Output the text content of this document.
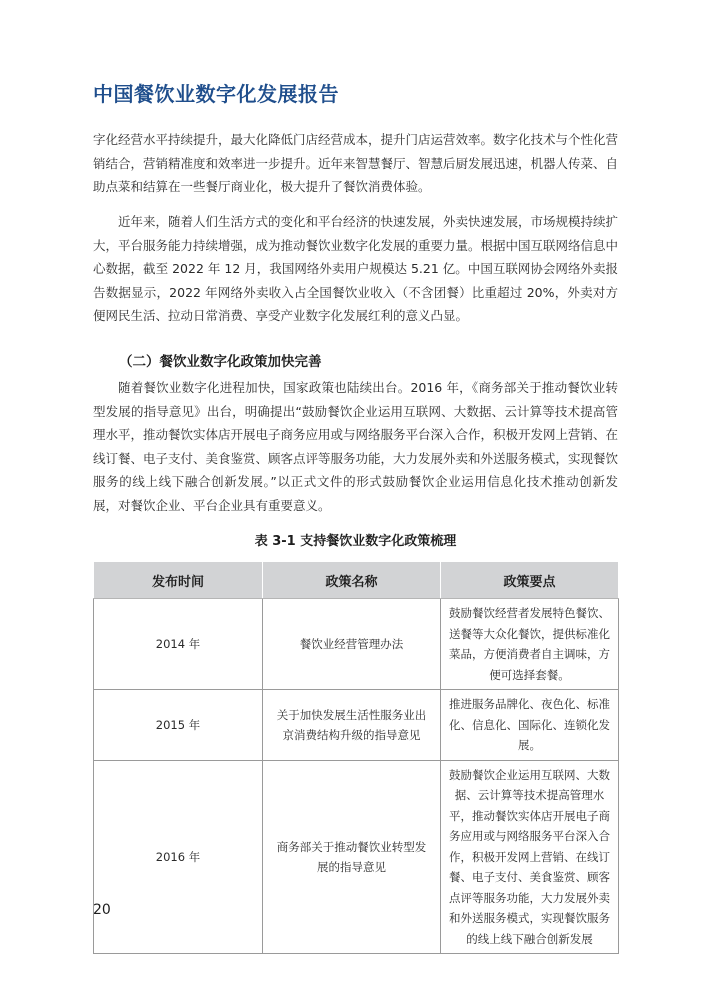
中国餐饮业数字化发展报告

字化经营水平持续提升，最大化降低门店经营成本，提升门店运营效率。数字化技术与个性化营销结合，营销精准度和效率进一步提升。近年来智慧餐厅、智慧后厨发展迅速，机器人传菜、自助点菜和结算在一些餐厅商业化，极大提升了餐饮消费体验。

近年来，随着人们生活方式的变化和平台经济的快速发展，外卖快速发展，市场规模持续扩大，平台服务能力持续增强，成为推动餐饮业数字化发展的重要力量。根据中国互联网络信息中心数据，截至 2022 年 12 月，我国网络外卖用户规模达 5.21 亿。中国互联网协会网络外卖报告数据显示，2022 年网络外卖收入占全国餐饮业收入（不含团餐）比重超过 20%，外卖对方便网民生活、拉动日常消费、享受产业数字化发展红利的意义凸显。

（二）餐饮业数字化政策加快完善

随着餐饮业数字化进程加快，国家政策也陆续出台。2016 年，《商务部关于推动餐饮业转型发展的指导意见》出台，明确提出“鼓励餐饮企业运用互联网、大数据、云计算等技术提高管理水平，推动餐饮实体店开展电子商务应用或与网络服务平台深入合作，积极开发网上营销、在线订餐、电子支付、美食鉴赏、顾客点评等服务功能，大力发展外卖和外送服务模式，实现餐饮服务的线上线下融合创新发展。”以正式文件的形式鼓励餐饮企业运用信息化技术推动创新发展，对餐饮企业、平台企业具有重要意义。

表 3-1 支持餐饮业数字化政策梳理
发布时间	政策名称	政策要点
2014 年	餐饮业经营管理办法	鼓励餐饮经营者发展特色餐饮、送餐等大众化餐饮，提供标准化菜品，方便消费者自主调味，方便可选择套餐。
2015 年	关于加快发展生活性服务业出京消费结构升级的指导意见	推进服务品牌化、夜色化、标准化、信息化、国际化、连锁化发展。
2016 年	商务部关于推动餐饮业转型发展的指导意见	鼓励餐饮企业运用互联网、大数据、云计算等技术提高管理水平，推动餐饮实体店开展电子商务应用或与网络服务平台深入合作，积极开发网上营销、在线订餐、电子支付、美食鉴赏、顾客点评等服务功能，大力发展外卖和外送服务模式，实现餐饮服务的线上线下融合创新发展
20
